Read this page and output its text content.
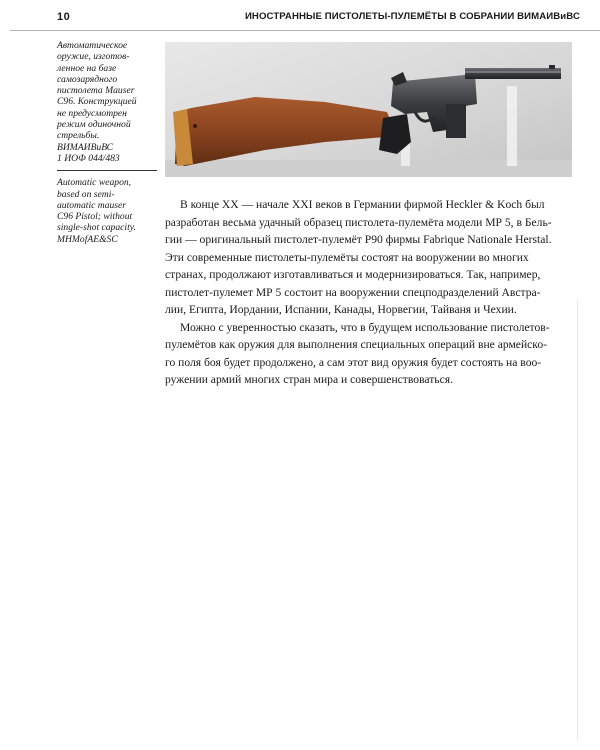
10	ИНОСТРАННЫЕ ПИСТОЛЕТЫ-ПУЛЕМЁТЫ В СОБРАНИИ ВИМАИВиВС

Автоматическое
оружие, изготов-
ленное на базе
самозарядного
пистолета Mauser
C96. Конструкцией
не предусмотрен
режим одиночной
стрельбы.
ВИМАИВиВС
1 ИОФ 044/483

Automatic weapon,
based on semi-
automatic mauser
C96 Pistol; without
single-shot capacity.
MHMofAE&SC

В конце XX — начале XXI веков в Германии фирмой Heckler & Koch был
разработан весьма удачный образец пистолета-пулемёта модели МР 5, в Бель-
гии — оригинальный пистолет-пулемёт Р90 фирмы Fabrique Nationale Herstal.
Эти современные пистолеты-пулемёты состоят на вооружении во многих
странах, продолжают изготавливаться и модернизироваться. Так, например,
пистолет-пулемет МР 5 состоит на вооружении спецподразделений Австра-
лии, Египта, Иордании, Испании, Канады, Норвегии, Тайваня и Чехии.

Можно с уверенностью сказать, что в будущем использование пистолетов-
пулемётов как оружия для выполнения специальных операций вне армейско-
го поля боя будет продолжено, а сам этот вид оружия будет состоять на воо-
ружении армий многих стран мира и совершенствоваться.
